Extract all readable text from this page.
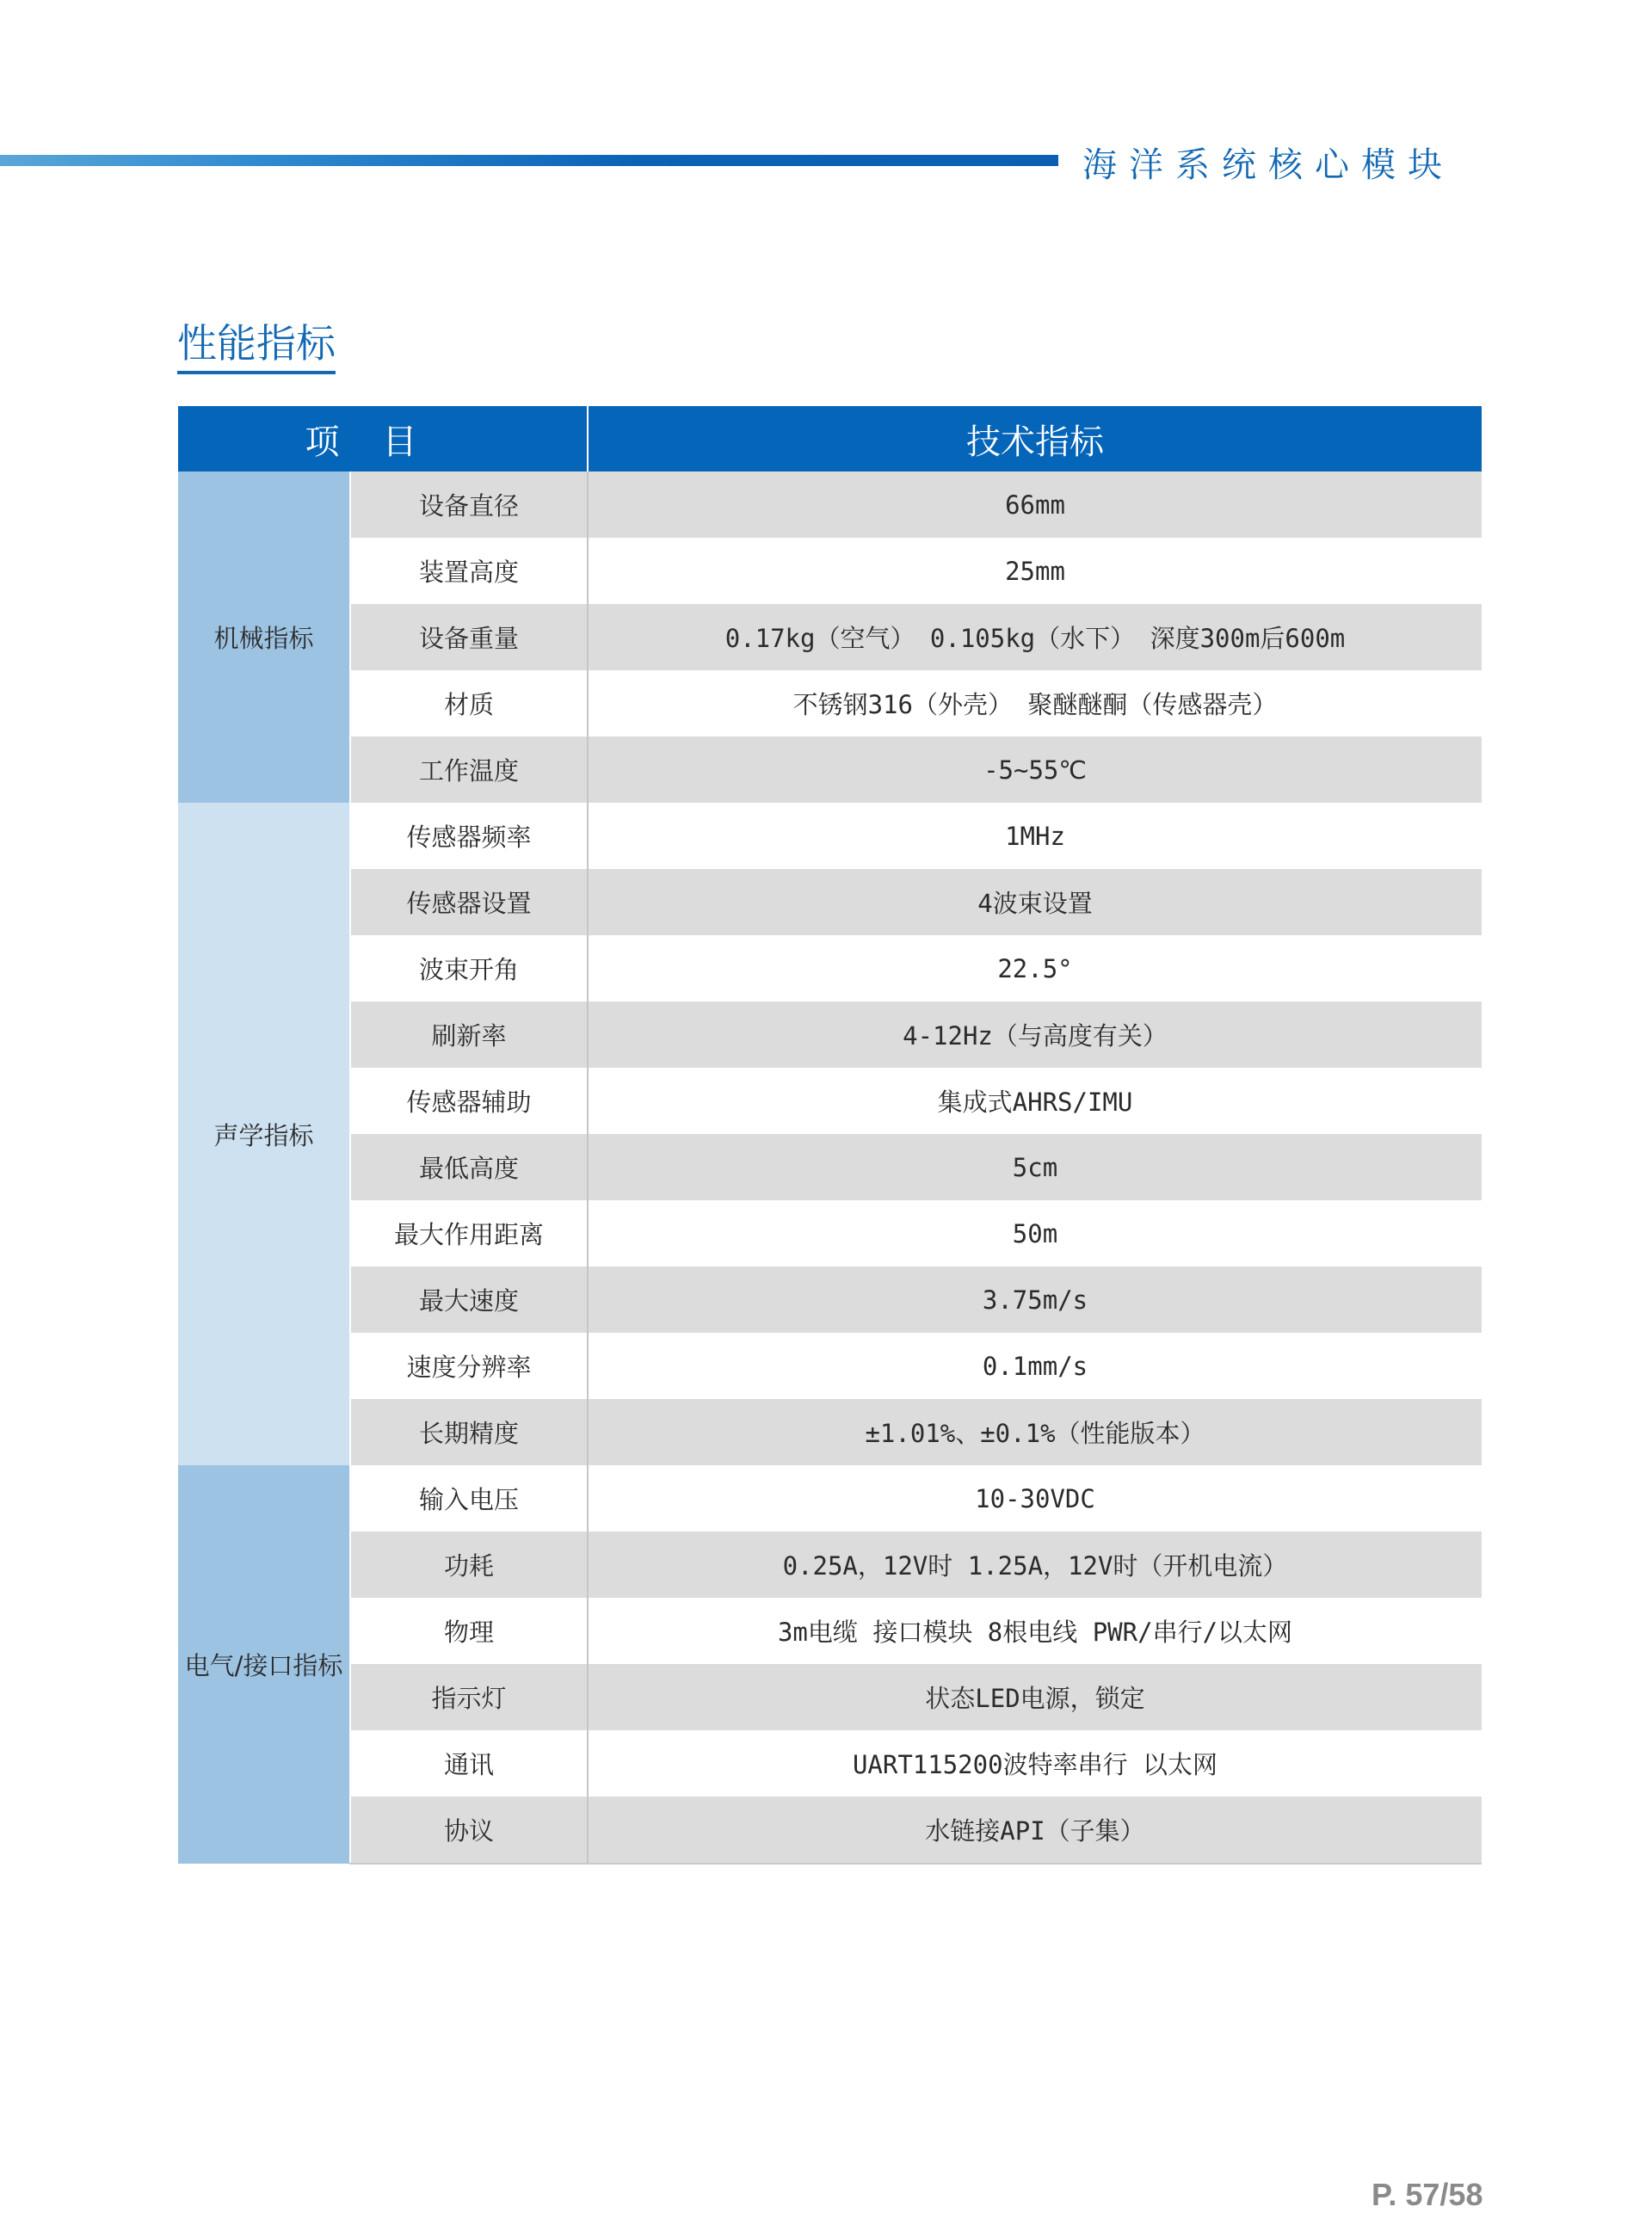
海洋系统核心模块
性能指标
项目		技术指标
机械指标	设备直径	66mm
	装置高度	25mm
	设备重量	0.17kg（空气） 0.105kg（水下） 深度300m后600m
	材质	不锈钢316（外壳） 聚醚醚酮（传感器壳）
	工作温度	-5~55℃
声学指标	传感器频率	1MHz
	传感器设置	4波束设置
	波束开角	22.5°
	刷新率	4-12Hz（与高度有关）
	传感器辅助	集成式AHRS/IMU
	最低高度	5cm
	最大作用距离	50m
	最大速度	3.75m/s
	速度分辨率	0.1mm/s
	长期精度	±1.01%、±0.1%（性能版本）
电气/接口指标	输入电压	10-30VDC
	功耗	0.25A，12V时 1.25A，12V时（开机电流）
	物理	3m电缆 接口模块 8根电线 PWR/串行/以太网
	指示灯	状态LED电源，锁定
	通讯	UART115200波特率串行 以太网
	协议	水链接API（子集）
P. 57/58
